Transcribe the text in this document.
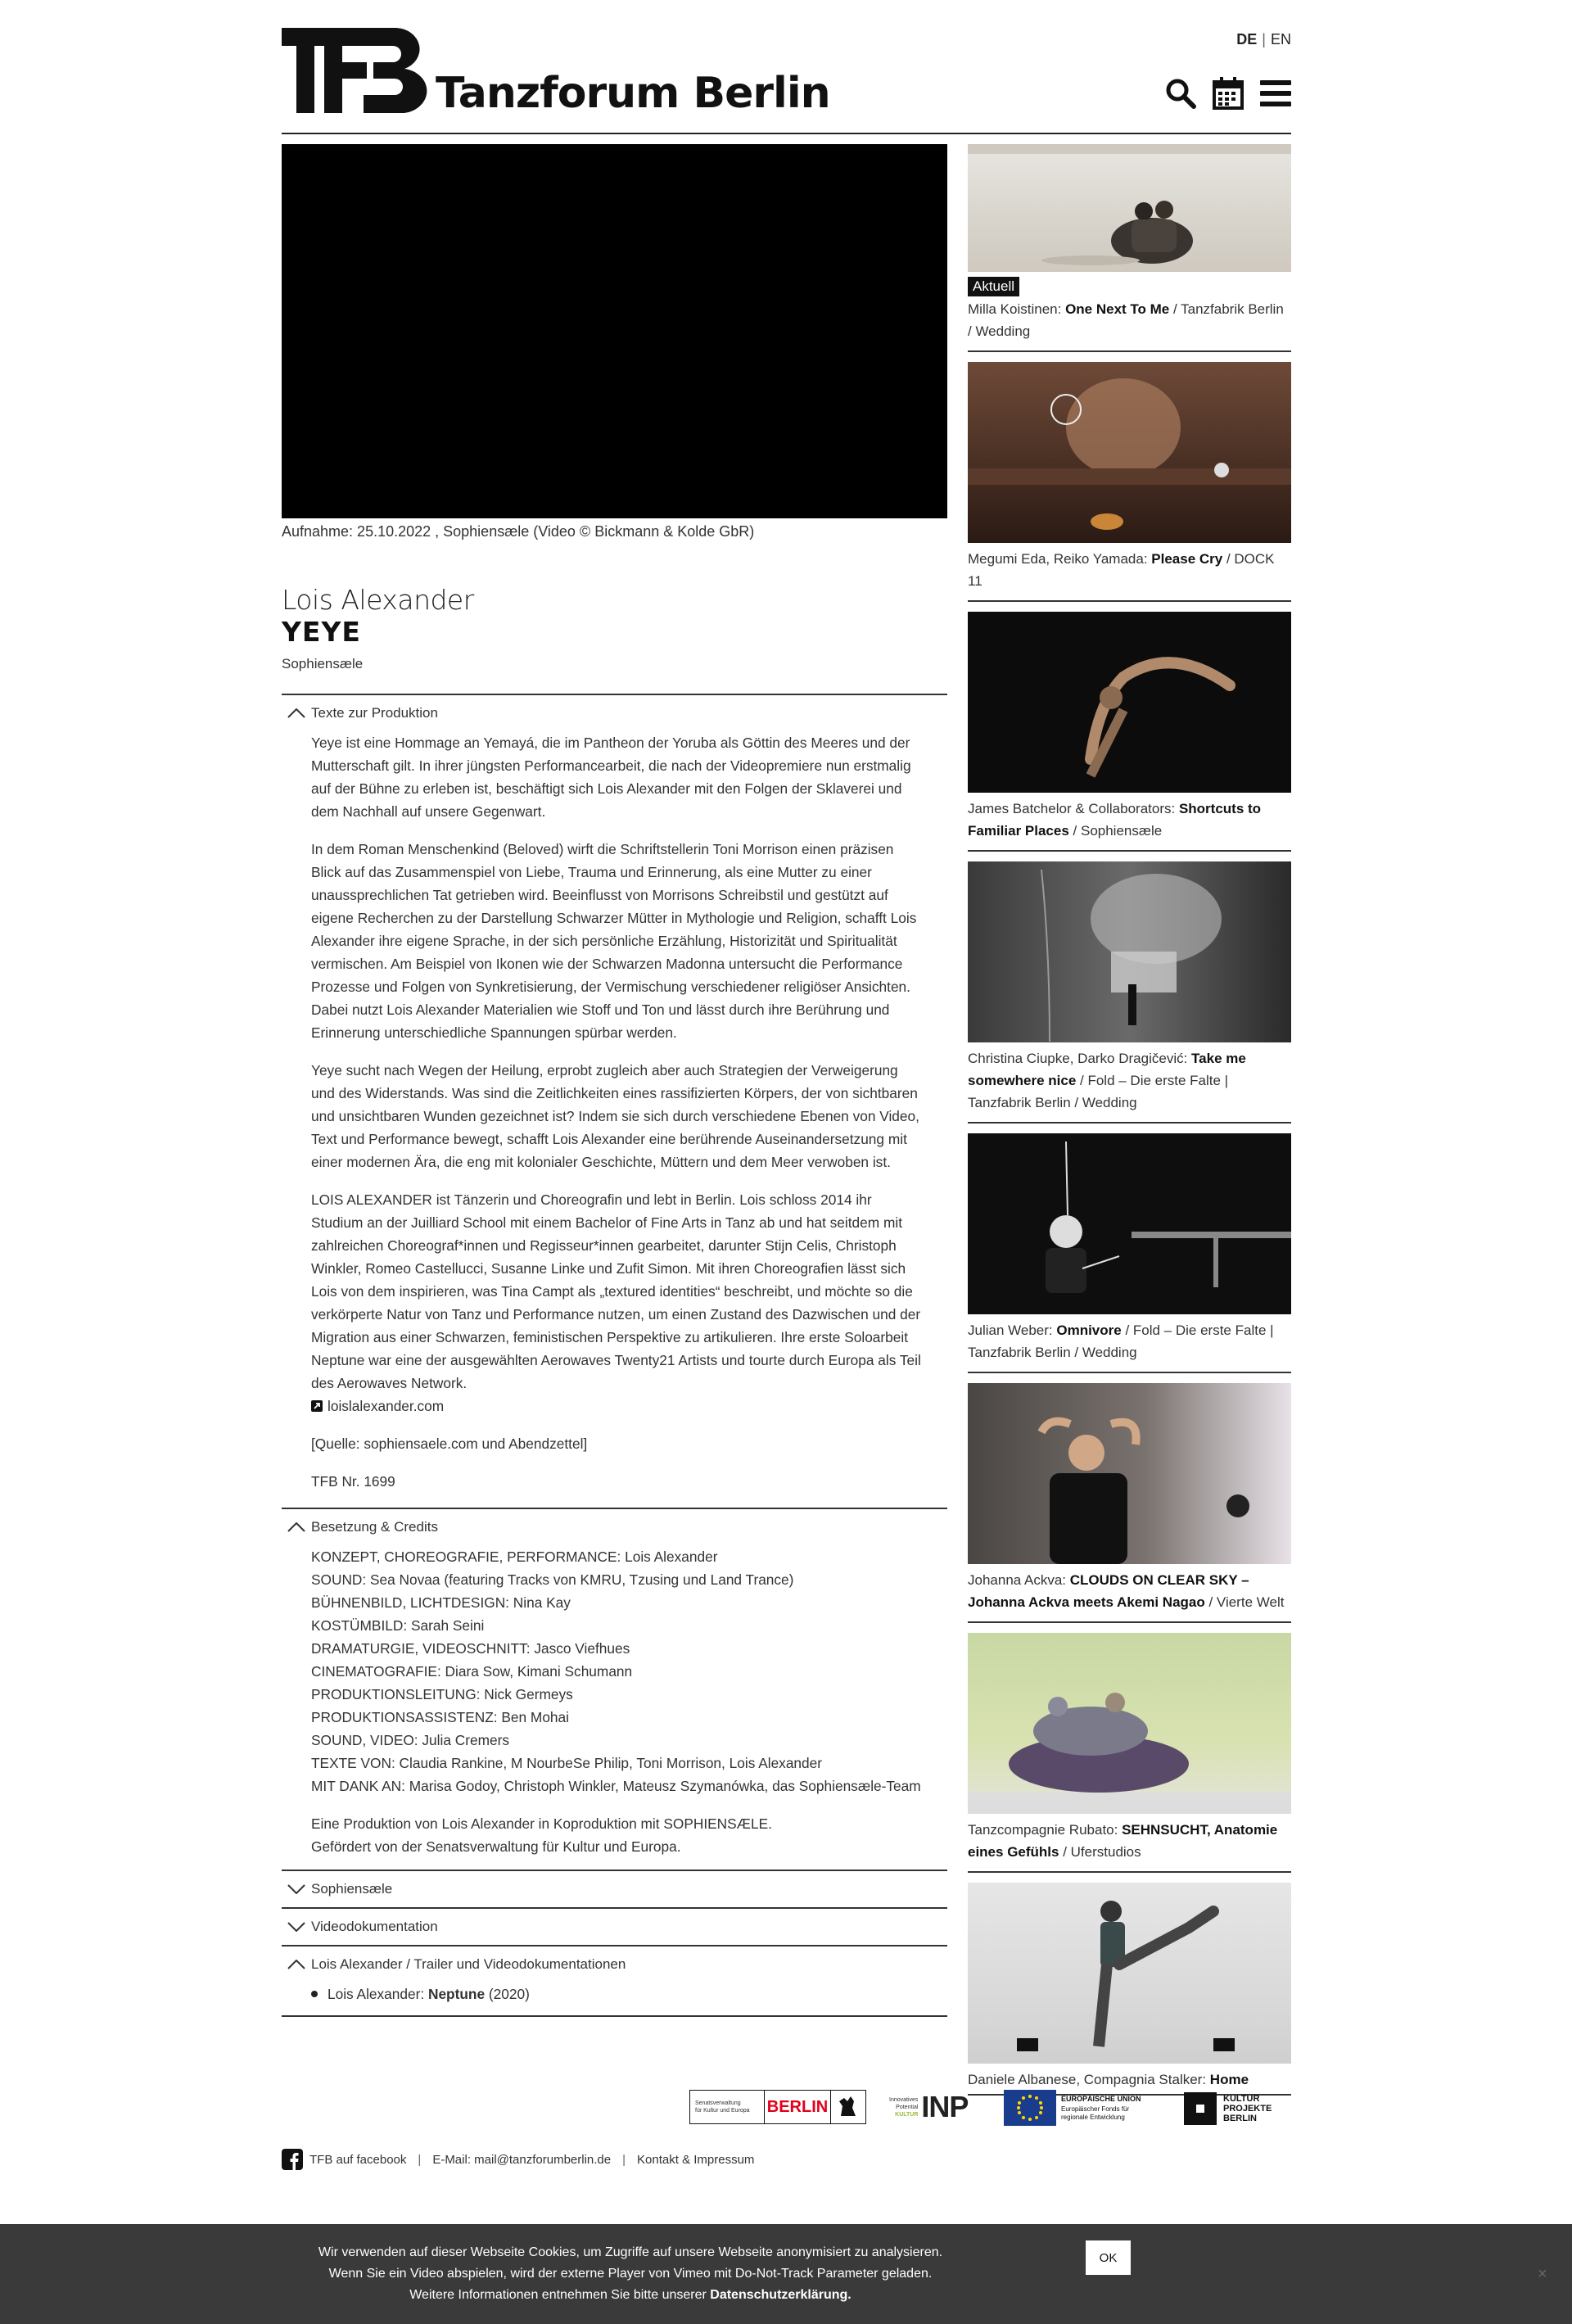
Tanzforum Berlin
DE | EN
Aufnahme: 25.10.2022 , Sophiensæle (Video © Bickmann & Kolde GbR)
Lois Alexander
YEYE
Sophiensæle
Texte zur Produktion

Yeye ist eine Hommage an Yemayá, die im Pantheon der Yoruba als Göttin des Meeres und der Mutterschaft gilt. In ihrer jüngsten Performancearbeit, die nach der Videopremiere nun erstmalig auf der Bühne zu erleben ist, beschäftigt sich Lois Alexander mit den Folgen der Sklaverei und dem Nachhall auf unsere Gegenwart.

In dem Roman Menschenkind (Beloved) wirft die Schriftstellerin Toni Morrison einen präzisen Blick auf das Zusammenspiel von Liebe, Trauma und Erinnerung, als eine Mutter zu einer unaussprechlichen Tat getrieben wird. Beeinflusst von Morrisons Schreibstil und gestützt auf eigene Recherchen zu der Darstellung Schwarzer Mütter in Mythologie und Religion, schafft Lois Alexander ihre eigene Sprache, in der sich persönliche Erzählung, Historizität und Spiritualität vermischen. Am Beispiel von Ikonen wie der Schwarzen Madonna untersucht die Performance Prozesse und Folgen von Synkretisierung, der Vermischung verschiedener religiöser Ansichten. Dabei nutzt Lois Alexander Materialien wie Stoff und Ton und lässt durch ihre Berührung und Erinnerung unterschiedliche Spannungen spürbar werden.

Yeye sucht nach Wegen der Heilung, erprobt zugleich aber auch Strategien der Verweigerung und des Widerstands. Was sind die Zeitlichkeiten eines rassifizierten Körpers, der von sichtbaren und unsichtbaren Wunden gezeichnet ist? Indem sie sich durch verschiedene Ebenen von Video, Text und Performance bewegt, schafft Lois Alexander eine berührende Auseinandersetzung mit einer modernen Ära, die eng mit kolonialer Geschichte, Müttern und dem Meer verwoben ist.

LOIS ALEXANDER ist Tänzerin und Choreografin und lebt in Berlin. Lois schloss 2014 ihr Studium an der Juilliard School mit einem Bachelor of Fine Arts in Tanz ab und hat seitdem mit zahlreichen Choreograf*innen und Regisseur*innen gearbeitet, darunter Stijn Celis, Christoph Winkler, Romeo Castellucci, Susanne Linke und Zufit Simon. Mit ihren Choreografien lässt sich Lois von dem inspirieren, was Tina Campt als „textured identities“ beschreibt, und möchte so die verkörperte Natur von Tanz und Performance nutzen, um einen Zustand des Dazwischen und der Migration aus einer Schwarzen, feministischen Perspektive zu artikulieren. Ihre erste Soloarbeit Neptune war eine der ausgewählten Aerowaves Twenty21 Artists und tourte durch Europa als Teil des Aerowaves Network.

loislalexander.com

[Quelle: sophiensaele.com und Abendzettel]

TFB Nr. 1699

Besetzung & Credits
KONZEPT, CHOREOGRAFIE, PERFORMANCE: Lois Alexander
SOUND: Sea Novaa (featuring Tracks von KMRU, Tzusing und Land Trance)
BÜHNENBILD, LICHTDESIGN: Nina Kay
KOSTÜMBILD: Sarah Seini
DRAMATURGIE, VIDEOSCHNITT: Jasco Viefhues
CINEMATOGRAFIE: Diara Sow, Kimani Schumann
PRODUKTIONSLEITUNG: Nick Germeys
PRODUKTIONSASSISTENZ: Ben Mohai
SOUND, VIDEO: Julia Cremers
TEXTE VON: Claudia Rankine, M NourbeSe Philip, Toni Morrison, Lois Alexander
MIT DANK AN: Marisa Godoy, Christoph Winkler, Mateusz Szymanówka, das Sophiensæle-Team
Eine Produktion von Lois Alexander in Koproduktion mit SOPHIENSÆLE.
Gefördert von der Senatsverwaltung für Kultur und Europa.
Sophiensæle
Videodokumentation
Lois Alexander / Trailer und Videodokumentationen
Lois Alexander: Neptune (2020)
Aktuell
Milla Koistinen: One Next To Me / Tanzfabrik Berlin / Wedding
Megumi Eda, Reiko Yamada: Please Cry / DOCK 11
James Batchelor & Collaborators: Shortcuts to Familiar Places / Sophiensæle
Christina Ciupke, Darko Dragičević: Take me somewhere nice / Fold – Die erste Falte | Tanzfabrik Berlin / Wedding
Julian Weber: Omnivore / Fold – Die erste Falte | Tanzfabrik Berlin / Wedding
Johanna Ackva: CLOUDS ON CLEAR SKY – Johanna Ackva meets Akemi Nagao / Vierte Welt
Tanzcompagnie Rubato: SEHNSUCHT, Anatomie eines Gefühls / Uferstudios
Daniele Albanese, Compagnia Stalker: Home
Senatsverwaltung
für Kultur und Europa	BERLIN	Innovatives
Potential
KULTUR INP	EUROPÄISCHE UNION
Europäischer Fonds für
regionale Entwicklung
KULTUR
PROJEKTE
BERLIN
TFB auf facebook | E-Mail: mail@tanzforumberlin.de | Kontakt & Impressum
Wir verwenden auf dieser Webseite Cookies, um Zugriffe auf unsere Webseite anonymisiert zu analysieren. Wenn Sie ein Video abspielen, wird der externe Player von Vimeo mit Do-Not-Track Parameter geladen. Weitere Informationen entnehmen Sie bitte unserer Datenschutzerklärung.
OK
×
